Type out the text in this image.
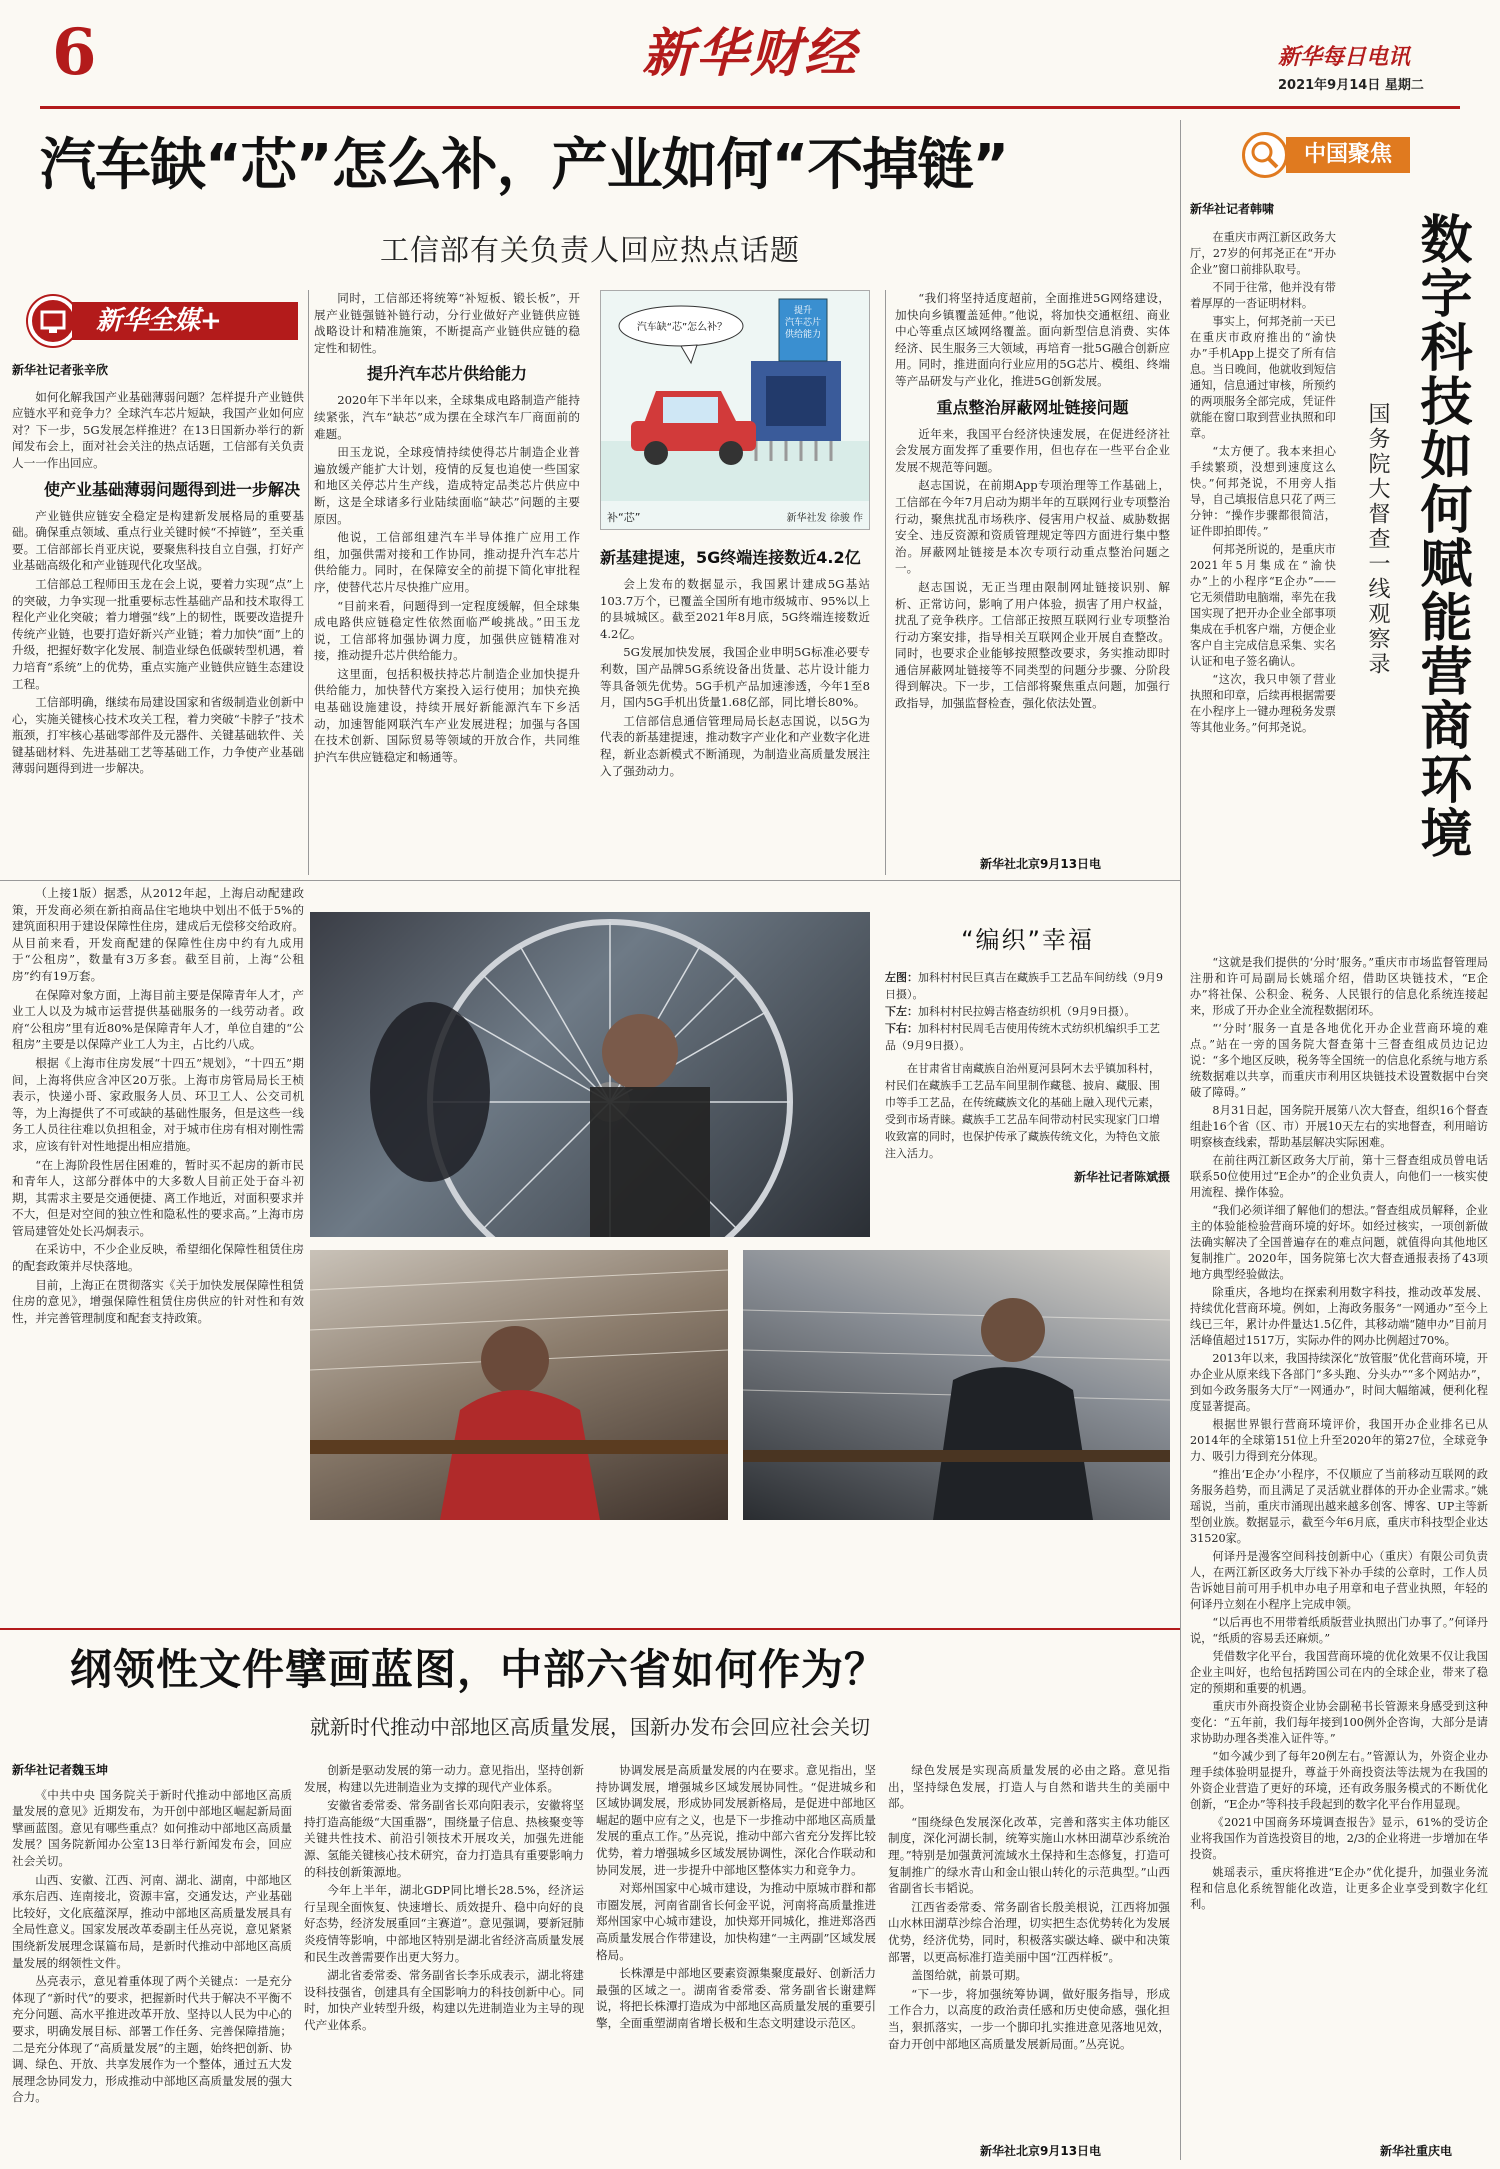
6	新华财经	新华每日电讯
2021年9月14日 星期二
汽车缺“芯”怎么补，产业如何“不掉链”
工信部有关负责人回应热点话题
新华全媒+
新华社记者张辛欣

如何化解我国产业基础薄弱问题？怎样提升产业链供应链水平和竞争力？全球汽车芯片短缺，我国产业如何应对？下一步，5G发展怎样推进？在13日国新办举行的新闻发布会上，面对社会关注的热点话题，工信部有关负责人一一作出回应。

使产业基础薄弱问题得到进一步解决

产业链供应链安全稳定是构建新发展格局的重要基础。确保重点领域、重点行业关键时候“不掉链”，至关重要。工信部部长肖亚庆说，要聚焦科技自立自强，打好产业基础高级化和产业链现代化攻坚战。

工信部总工程师田玉龙在会上说，要着力实现“点”上的突破，力争实现一批重要标志性基础产品和技术取得工程化产业化突破；着力增强“线”上的韧性，既要改造提升传统产业链，也要打造好新兴产业链；着力加快“面”上的升级，把握好数字化发展、制造业绿色低碳转型机遇，着力培育“系统”上的优势，重点实施产业链供应链生态建设工程。

工信部明确，继续布局建设国家和省级制造业创新中心，实施关键核心技术攻关工程，着力突破“卡脖子”技术瓶颈，打牢核心基础零部件及元器件、关键基础软件、关键基础材料、先进基础工艺等基础工作，力争使产业基础薄弱问题得到进一步解决。

同时，工信部还将统筹“补短板、锻长板”，开展产业链强链补链行动，分行业做好产业链供应链战略设计和精准施策，不断提高产业链供应链的稳定性和韧性。

提升汽车芯片供给能力

2020年下半年以来，全球集成电路制造产能持续紧张，汽车“缺芯”成为摆在全球汽车厂商面前的难题。

田玉龙说，全球疫情持续使得芯片制造企业普遍放缓产能扩大计划，疫情的反复也追使一些国家和地区关停芯片生产线，造成特定品类芯片供应中断，这是全球诸多行业陆续面临“缺芯”问题的主要原因。

他说，工信部组建汽车半导体推广应用工作组，加强供需对接和工作协同，推动提升汽车芯片供给能力。同时，在保障安全的前提下简化审批程序，使替代芯片尽快推广应用。

“目前来看，问题得到一定程度缓解，但全球集成电路供应链稳定性依然面临严峻挑战。”田玉龙说，工信部将加强协调力度，加强供应链精准对接，推动提升芯片供给能力。

这里面，包括积极扶持芯片制造企业加快提升供给能力，加快替代方案投入运行使用；加快充换电基础设施建设，持续开展好新能源汽车下乡活动，加速智能网联汽车产业发展进程；加强与各国在技术创新、国际贸易等领域的开放合作，共同维护汽车供应链稳定和畅通等。

提升
汽车芯片
供给能力
汽车缺“芯”怎么补？
补“芯”	新华社发 徐骏 作
新基建提速，5G终端连接数近4.2亿

会上发布的数据显示，我国累计建成5G基站103.7万个，已覆盖全国所有地市级城市、95%以上的县城城区。截至2021年8月底，5G终端连接数近4.2亿。

5G发展加快发展，我国企业申明5G标准必要专利数，国产品牌5G系统设备出货量、芯片设计能力等具备领先优势。5G手机产品加速渗透，今年1至8月，国内5G手机出货量1.68亿部，同比增长80%。

工信部信息通信管理局局长赵志国说，以5G为代表的新基建提速，推动数字产业化和产业数字化进程，新业态新模式不断涌现，为制造业高质量发展注入了强劲动力。

“我们将坚持适度超前，全面推进5G网络建设，加快向乡镇覆盖延伸。”他说，将加快交通枢纽、商业中心等重点区域网络覆盖。面向新型信息消费、实体经济、民生服务三大领域，再培育一批5G融合创新应用。同时，推进面向行业应用的5G芯片、模组、终端等产品研发与产业化，推进5G创新发展。

重点整治屏蔽网址链接问题

近年来，我国平台经济快速发展，在促进经济社会发展方面发挥了重要作用，但也存在一些平台企业发展不规范等问题。

赵志国说，在前期App专项治理等工作基础上，工信部在今年7月启动为期半年的互联网行业专项整治行动，聚焦扰乱市场秩序、侵害用户权益、威胁数据安全、违反资源和资质管理规定等四方面进行集中整治。屏蔽网址链接是本次专项行动重点整治问题之一。

赵志国说，无正当理由限制网址链接识别、解析、正常访问，影响了用户体验，损害了用户权益，扰乱了竞争秩序。工信部正按照互联网行业专项整治行动方案安排，指导相关互联网企业开展自查整改。同时，也要求企业能够按照整改要求，务实推动即时通信屏蔽网址链接等不同类型的问题分步骤、分阶段得到解决。下一步，工信部将聚焦重点问题，加强行政指导，加强监督检查，强化依法处置。

新华社北京9月13日电

（上接1版）据悉，从2012年起，上海启动配建政策，开发商必须在新拍商品住宅地块中划出不低于5%的建筑面积用于建设保障性住房，建成后无偿移交给政府。从目前来看，开发商配建的保障性住房中约有九成用于“公租房”，数量有3万多套。截至目前，上海“公租房”约有19万套。

在保障对象方面，上海目前主要是保障青年人才，产业工人以及为城市运营提供基础服务的一线劳动者。政府“公租房”里有近80%是保障青年人才，单位自建的“公租房”主要是以保障产业工人为主，占比约八成。

根据《上海市住房发展“十四五”规划》，“十四五”期间，上海将供应含冲区20万张。上海市房管局局长王桢表示，快递小哥、家政服务人员、环卫工人、公交司机等，为上海提供了不可或缺的基础性服务，但是这些一线务工人员往往难以负担租金，对于城市住房有相对刚性需求，应该有针对性地提出相应措施。

“在上海阶段性居住困难的，暂时买不起房的新市民和青年人，这部分群体中的大多数人目前正处于奋斗初期，其需求主要是交通便捷、离工作地近，对面积要求并不大，但是对空间的独立性和隐私性的要求高。”上海市房管局建管处处长冯炯表示。

在采访中，不少企业反映，希望细化保障性租赁住房的配套政策并尽快落地。

目前，上海正在贯彻落实《关于加快发展保障性租赁住房的意见》，增强保障性租赁住房供应的针对性和有效性，并完善管理制度和配套支持政策。

“编织”幸福
左图：加科村村民巨真吉在藏族手工艺品车间纺线（9月9日摄）。
下左：加科村村民拉姆吉格查纺织机（9月9日摄）。
下右：加科村村民周毛吉使用传统木式纺织机编织手工艺品（9月9日摄）。

在甘肃省甘南藏族自治州夏河县阿木去乎镇加科村，村民们在藏族手工艺品车间里制作藏毯、披肩、藏服、围巾等手工艺品，在传统藏族文化的基础上融入现代元素，受到市场青睐。藏族手工艺品车间带动村民实现家门口增收致富的同时，也保护传承了藏族传统文化，为特色文旅注入活力。

新华社记者陈斌摄
纲领性文件擘画蓝图，中部六省如何作为？
就新时代推动中部地区高质量发展，国新办发布会回应社会关切
新华社记者魏玉坤

《中共中央 国务院关于新时代推动中部地区高质量发展的意见》近期发布，为开创中部地区崛起新局面擘画蓝图。意见有哪些重点？如何推动中部地区高质量发展？国务院新闻办公室13日举行新闻发布会，回应社会关切。

山西、安徽、江西、河南、湖北、湖南，中部地区承东启西、连南接北，资源丰富，交通发达，产业基础比较好，文化底蕴深厚，推动中部地区高质量发展具有全局性意义。国家发展改革委副主任丛亮说，意见紧紧围绕新发展理念谋篇布局，是新时代推动中部地区高质量发展的纲领性文件。

丛亮表示，意见着重体现了两个关键点：一是充分体现了“新时代”的要求，把握新时代共于解决不平衡不充分问题、高水平推进改革开放、坚持以人民为中心的要求，明确发展目标、部署工作任务、完善保障措施；二是充分体现了“高质量发展”的主题，始终把创新、协调、绿色、开放、共享发展作为一个整体，通过五大发展理念协同发力，形成推动中部地区高质量发展的强大合力。

创新是驱动发展的第一动力。意见指出，坚持创新发展，构建以先进制造业为支撑的现代产业体系。

安徽省委常委、常务副省长邓向阳表示，安徽将坚持打造高能级“大国重器”，围绕量子信息、热核聚变等关键共性技术、前沿引领技术开展攻关，加强先进能源、氢能关键核心技术研究，奋力打造具有重要影响力的科技创新策源地。

今年上半年，湖北GDP同比增长28.5%，经济运行呈现全面恢复、快速增长、质效提升、稳中向好的良好态势，经济发展重回“主赛道”。意见强调，要新冠肺炎疫情等影响，中部地区特别是湖北省经济高质量发展和民生改善需要作出更大努力。

湖北省委常委、常务副省长李乐成表示，湖北将建设科技强省，创建具有全国影响力的科技创新中心。同时，加快产业转型升级，构建以先进制造业为主导的现代产业体系。

协调发展是高质量发展的内在要求。意见指出，坚持协调发展，增强城乡区域发展协同性。“促进城乡和区域协调发展，形成协同发展新格局，是促进中部地区崛起的题中应有之义，也是下一步推动中部地区高质量发展的重点工作。”丛亮说，推动中部六省充分发挥比较优势，着力增强城乡区域发展协调性，深化合作联动和协同发展，进一步提升中部地区整体实力和竞争力。

对郑州国家中心城市建设，为推动中原城市群和都市圈发展，河南省副省长何金平说，河南将高质量推进郑州国家中心城市建设，加快郑开同城化，推进郑洛西高质量发展合作带建设，加快构建“一主两副”区域发展格局。

长株潭是中部地区要素资源集聚度最好、创新活力最强的区域之一。湖南省委常委、常务副省长谢建辉说，将把长株潭打造成为中部地区高质量发展的重要引擎，全面重塑湖南省增长极和生态文明建设示范区。

绿色发展是实现高质量发展的必由之路。意见指出，坚持绿色发展，打造人与自然和谐共生的美丽中部。

“围绕绿色发展深化改革，完善和落实主体功能区制度，深化河湖长制，统筹实施山水林田湖草沙系统治理。”特别是加强黄河流域水土保持和生态修复，打造可复制推广的绿水青山和金山银山转化的示范典型。”山西省副省长韦韬说。

江西省委常委、常务副省长殷美根说，江西将加强山水林田湖草沙综合治理，切实把生态优势转化为发展优势，经济优势，同时，积极落实碳达峰、碳中和决策部署，以更高标准打造美丽中国“江西样板”。

盖图给就，前景可期。

“下一步，将加强统筹协调，做好服务指导，形成工作合力，以高度的政治责任感和历史使命感，强化担当，狠抓落实，一步一个脚印扎实推进意见落地见效，奋力开创中部地区高质量发展新局面。”丛亮说。

新华社北京9月13日电
中国聚焦
新华社记者韩啸
数字科技如何赋能营商环境
国务院大督查一线观察录

在重庆市两江新区政务大厅，27岁的何邦尧正在“开办企业”窗口前排队取号。

不同于往常，他并没有带着厚厚的一沓证明材料。

事实上，何邦尧前一天已在重庆市政府推出的“渝快办”手机App上提交了所有信息。当日晚间，他就收到短信通知，信息通过审核，所预约的两项服务全部完成，凭证件就能在窗口取到营业执照和印章。

“太方便了。我本来担心手续繁琐，没想到速度这么快。”何邦尧说，不用旁人指导，自己填报信息只花了两三分钟：“操作步骤都很简洁，证件即拍即传。”

何邦尧所说的，是重庆市2021年5月集成在“渝快办”上的小程序“E企办”——它无须借助电脑端，率先在我国实现了把开办企业全部事项集成在手机客户端，方便企业客户自主完成信息采集、实名认证和电子签名确认。

“这次，我只申领了营业执照和印章，后续再根据需要在小程序上一键办理税务发票等其他业务。”何邦尧说。

“这就是我们提供的‘分时’服务。”重庆市市场监督管理局注册和许可局副局长姚瑶介绍，借助区块链技术，“E企办”将社保、公积金、税务、人民银行的信息化系统连接起来，形成了开办企业全流程数据闭环。

“‘分时’服务一直是各地优化开办企业营商环境的难点。”站在一旁的国务院大督查第十三督查组成员边记边说：“多个地区反映，税务等全国统一的信息化系统与地方系统数据难以共享，而重庆市利用区块链技术设置数据中台突破了障碍。”

8月31日起，国务院开展第八次大督查，组织16个督查组赴16个省（区、市）开展10天左右的实地督查，利用暗访明察核查线索，帮助基层解决实际困难。

在前往两江新区政务大厅前，第十三督查组成员曾电话联系50位使用过“E企办”的企业负责人，向他们一一核实使用流程、操作体验。

“我们必须详细了解他们的想法。”督查组成员解释，企业主的体验能检验营商环境的好坏。如经过核实，一项创新做法确实解决了全国普遍存在的难点问题，就值得向其他地区复制推广。2020年，国务院第七次大督查通报表扬了43项地方典型经验做法。

除重庆，各地均在探索利用数字科技，推动改革发展、持续优化营商环境。例如，上海政务服务“一网通办”至今上线已三年，累计办件量达1.5亿件，其移动端“随申办”目前月活峰值超过1517万，实际办件的网办比例超过70%。

2013年以来，我国持续深化“放管服”优化营商环境，开办企业从原来线下各部门“多头跑、分头办”“多个网站办”，到如今政务服务大厅“一网通办”，时间大幅缩减，便利化程度显著提高。

根据世界银行营商环境评价，我国开办企业排名已从2014年的全球第151位上升至2020年的第27位，全球竞争力、吸引力得到充分体现。

“推出‘E企办’小程序，不仅顺应了当前移动互联网的政务服务趋势，而且满足了灵活就业群体的开办企业需求。”姚瑶说，当前，重庆市涌现出越来越多创客、博客、UP主等新型创业族。数据显示，截至今年6月底，重庆市科技型企业达31520家。

何译丹是漫客空间科技创新中心（重庆）有限公司负责人，在两江新区政务大厅线下补办手续的公章时，工作人员告诉她目前可用手机申办电子用章和电子营业执照，年轻的何译丹立刻在小程序上完成申领。

“以后再也不用带着纸质版营业执照出门办事了。”何译丹说，“纸质的容易丢还麻烦。”

凭借数字化平台，我国营商环境的优化效果不仅让我国企业主叫好，也给包括跨国公司在内的全球企业，带来了稳定的预期和重要的机遇。

重庆市外商投资企业协会副秘书长管源来身感受到这种变化：“五年前，我们每年接到100例外企咨询，大部分是请求协助办理各类准入证件等。”

“如今减少到了每年20例左右。”管源认为，外资企业办理手续体验明显提升，尊益于外商投资法等法规为在我国的外资企业营造了更好的环境，还有政务服务模式的不断优化创新，“E企办”等科技手段起到的数字化平台作用显现。

《2021中国商务环境调查报告》显示，61%的受访企业将我国作为首选投资目的地，2/3的企业将进一步增加在华投资。

姚瑶表示，重庆将推进“E企办”优化提升，加强业务流程和信息化系统智能化改造，让更多企业享受到数字化红利。

新华社重庆电
